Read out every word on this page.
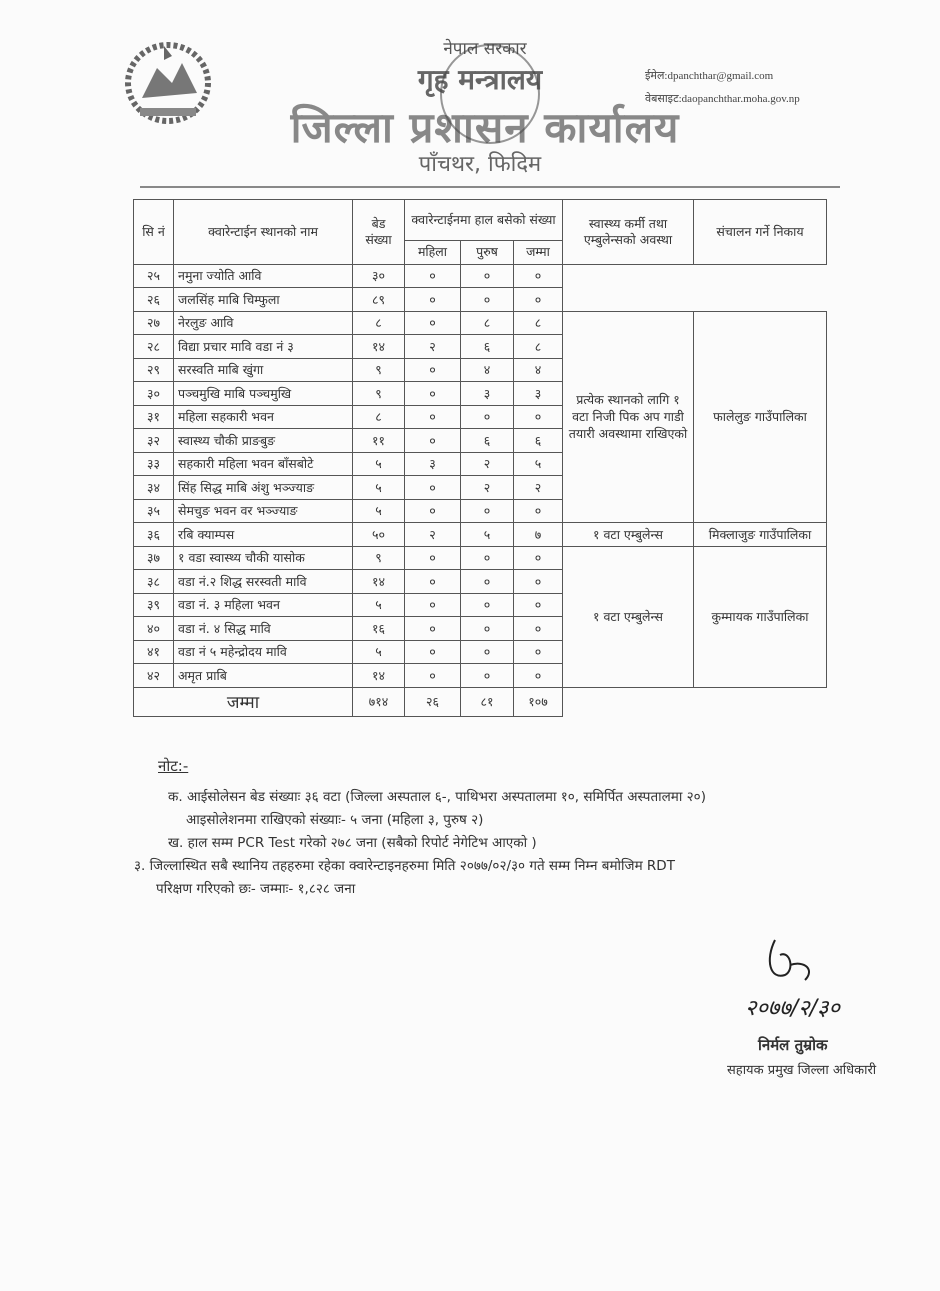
नेपाल सरकार
गृह मन्त्रालय
जिल्ला प्रशासन कार्यालय
पाँचथर, फिदिम
ईमेल:dpanchthar@gmail.com
वेबसाइट:daopanchthar.moha.gov.np
सि नं	क्वारेन्टाईन स्थानको नाम	बेड संख्या	क्वारेन्टाईनमा हाल बसेको संख्या			स्वास्थ्य कर्मी तथा एम्बुलेन्सको अवस्था	संचालन गर्ने निकाय
			महिला	पुरुष	जम्मा		
२५	नमुना ज्योति आवि	३०	०	०	०		
२६	जलसिंह माबि चिम्फुला	८९	०	०	०		
२७	नेरलुङ आवि	८	०	८	८	प्रत्येक स्थानको लागि १ वटा निजी पिक अप गाडी तयारी अवस्थामा राखिएको	फालेलुङ गाउँपालिका
२८	विद्या प्रचार मावि वडा नं ३	१४	२	६	८		
२९	सरस्वति माबि खुंगा	९	०	४	४		
३०	पञ्चमुखि माबि पञ्चमुखि	९	०	३	३		
३१	महिला सहकारी भवन	८	०	०	०		
३२	स्वास्थ्य चौकी प्राङबुङ	११	०	६	६		
३३	सहकारी महिला भवन बाँसबोटे	५	३	२	५		
३४	सिंह सिद्ध माबि अंशु भञ्ज्याङ	५	०	२	२		
३५	सेमचुङ भवन वर भञ्ज्याङ	५	०	०	०		
३६	रबि क्याम्पस	५०	२	५	७	१ वटा एम्बुलेन्स	मिक्लाजुङ गाउँपालिका
३७	१ वडा स्वास्थ्य चौकी यासोक	९	०	०	०	१ वटा एम्बुलेन्स	कुम्मायक गाउँपालिका
३८	वडा नं.२ शिद्ध सरस्वती मावि	१४	०	०	०		
३९	वडा नं. ३ महिला भवन	५	०	०	०		
४०	वडा नं. ४ सिद्ध मावि	१६	०	०	०		
४१	वडा नं ५ महेन्द्रोदय मावि	५	०	०	०		
४२	अमृत प्राबि	१४	०	०	०		
जम्मा		७१४	२६	८१	१०७		
नोट:-
क. आईसोलेसन बेड संख्याः ३६ वटा (जिल्ला अस्पताल ६-, पाथिभरा अस्पतालमा १०, समिर्पित अस्पतालमा २०)
आइसोलेशनमा राखिएको संख्याः- ५ जना (महिला ३, पुरुष २)
ख. हाल सम्म PCR Test गरेको २७८ जना (सबैको रिपोर्ट नेगेटिभ आएको )
३. जिल्लास्थित सबै स्थानिय तहहरुमा रहेका क्वारेन्टाइनहरुमा मिति २०७७/०२/३० गते सम्म निम्न बमोजिम RDT
परिक्षण गरिएको छः- जम्माः- १,८२८ जना
२०७७/२/३०
निर्मल तुम्रोक
सहायक प्रमुख जिल्ला अधिकारी
